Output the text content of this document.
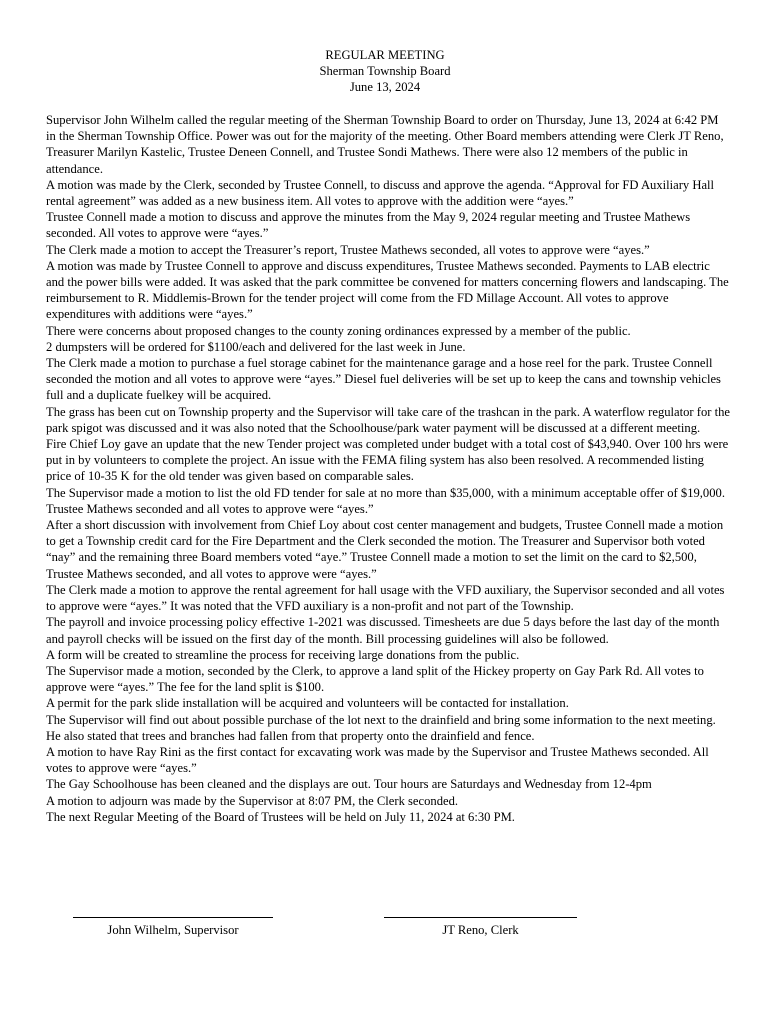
REGULAR MEETING
Sherman Township Board
June 13, 2024

Supervisor John Wilhelm called the regular meeting of the Sherman Township Board to order on Thursday, June 13, 2024 at 6:42 PM in the Sherman Township Office. Power was out for the majority of the meeting. Other Board members attending were Clerk JT Reno, Treasurer Marilyn Kastelic, Trustee Deneen Connell, and Trustee Sondi Mathews. There were also 12 members of the public in attendance.

A motion was made by the Clerk, seconded by Trustee Connell, to discuss and approve the agenda. “Approval for FD Auxiliary Hall rental agreement” was added as a new business item. All votes to approve with the addition were “ayes.”

Trustee Connell made a motion to discuss and approve the minutes from the May 9, 2024 regular meeting and Trustee Mathews seconded. All votes to approve were “ayes.”

The Clerk made a motion to accept the Treasurer’s report, Trustee Mathews seconded, all votes to approve were “ayes.”

A motion was made by Trustee Connell to approve and discuss expenditures, Trustee Mathews seconded. Payments to LAB electric and the power bills were added. It was asked that the park committee be convened for matters concerning flowers and landscaping. The reimbursement to R. Middlemis-Brown for the tender project will come from the FD Millage Account. All votes to approve expenditures with additions were “ayes.”

There were concerns about proposed changes to the county zoning ordinances expressed by a member of the public.

2 dumpsters will be ordered for $1100/each and delivered for the last week in June.

The Clerk made a motion to purchase a fuel storage cabinet for the maintenance garage and a hose reel for the park. Trustee Connell seconded the motion and all votes to approve were “ayes.” Diesel fuel deliveries will be set up to keep the cans and township vehicles full and a duplicate fuelkey will be acquired.

The grass has been cut on Township property and the Supervisor will take care of the trashcan in the park. A waterflow regulator for the park spigot was discussed and it was also noted that the Schoolhouse/park water payment will be discussed at a different meeting.

Fire Chief Loy gave an update that the new Tender project was completed under budget with a total cost of $43,940. Over 100 hrs were put in by volunteers to complete the project. An issue with the FEMA filing system has also been resolved. A recommended listing price of 10-35 K for the old tender was given based on comparable sales.

The Supervisor made a motion to list the old FD tender for sale at no more than $35,000, with a minimum acceptable offer of $19,000. Trustee Mathews seconded and all votes to approve were “ayes.”

After a short discussion with involvement from Chief Loy about cost center management and budgets, Trustee Connell made a motion to get a Township credit card for the Fire Department and the Clerk seconded the motion. The Treasurer and Supervisor both voted “nay” and the remaining three Board members voted “aye.” Trustee Connell made a motion to set the limit on the card to $2,500, Trustee Mathews seconded, and all votes to approve were “ayes.”

The Clerk made a motion to approve the rental agreement for hall usage with the VFD auxiliary, the Supervisor seconded and all votes to approve were “ayes.” It was noted that the VFD auxiliary is a non-profit and not part of the Township.

The payroll and invoice processing policy effective 1-2021 was discussed. Timesheets are due 5 days before the last day of the month and payroll checks will be issued on the first day of the month. Bill processing guidelines will also be followed.

A form will be created to streamline the process for receiving large donations from the public.

The Supervisor made a motion, seconded by the Clerk, to approve a land split of the Hickey property on Gay Park Rd. All votes to approve were “ayes.” The fee for the land split is $100.

A permit for the park slide installation will be acquired and volunteers will be contacted for installation.

The Supervisor will find out about possible purchase of the lot next to the drainfield and bring some information to the next meeting. He also stated that trees and branches had fallen from that property onto the drainfield and fence.

A motion to have Ray Rini as the first contact for excavating work was made by the Supervisor and Trustee Mathews seconded. All votes to approve were “ayes.”

The Gay Schoolhouse has been cleaned and the displays are out. Tour hours are Saturdays and Wednesday from 12-4pm

A motion to adjourn was made by the Supervisor at 8:07 PM, the Clerk seconded.

The next Regular Meeting of the Board of Trustees will be held on July 11, 2024 at 6:30 PM.

John Wilhelm, Supervisor	JT Reno, Clerk
